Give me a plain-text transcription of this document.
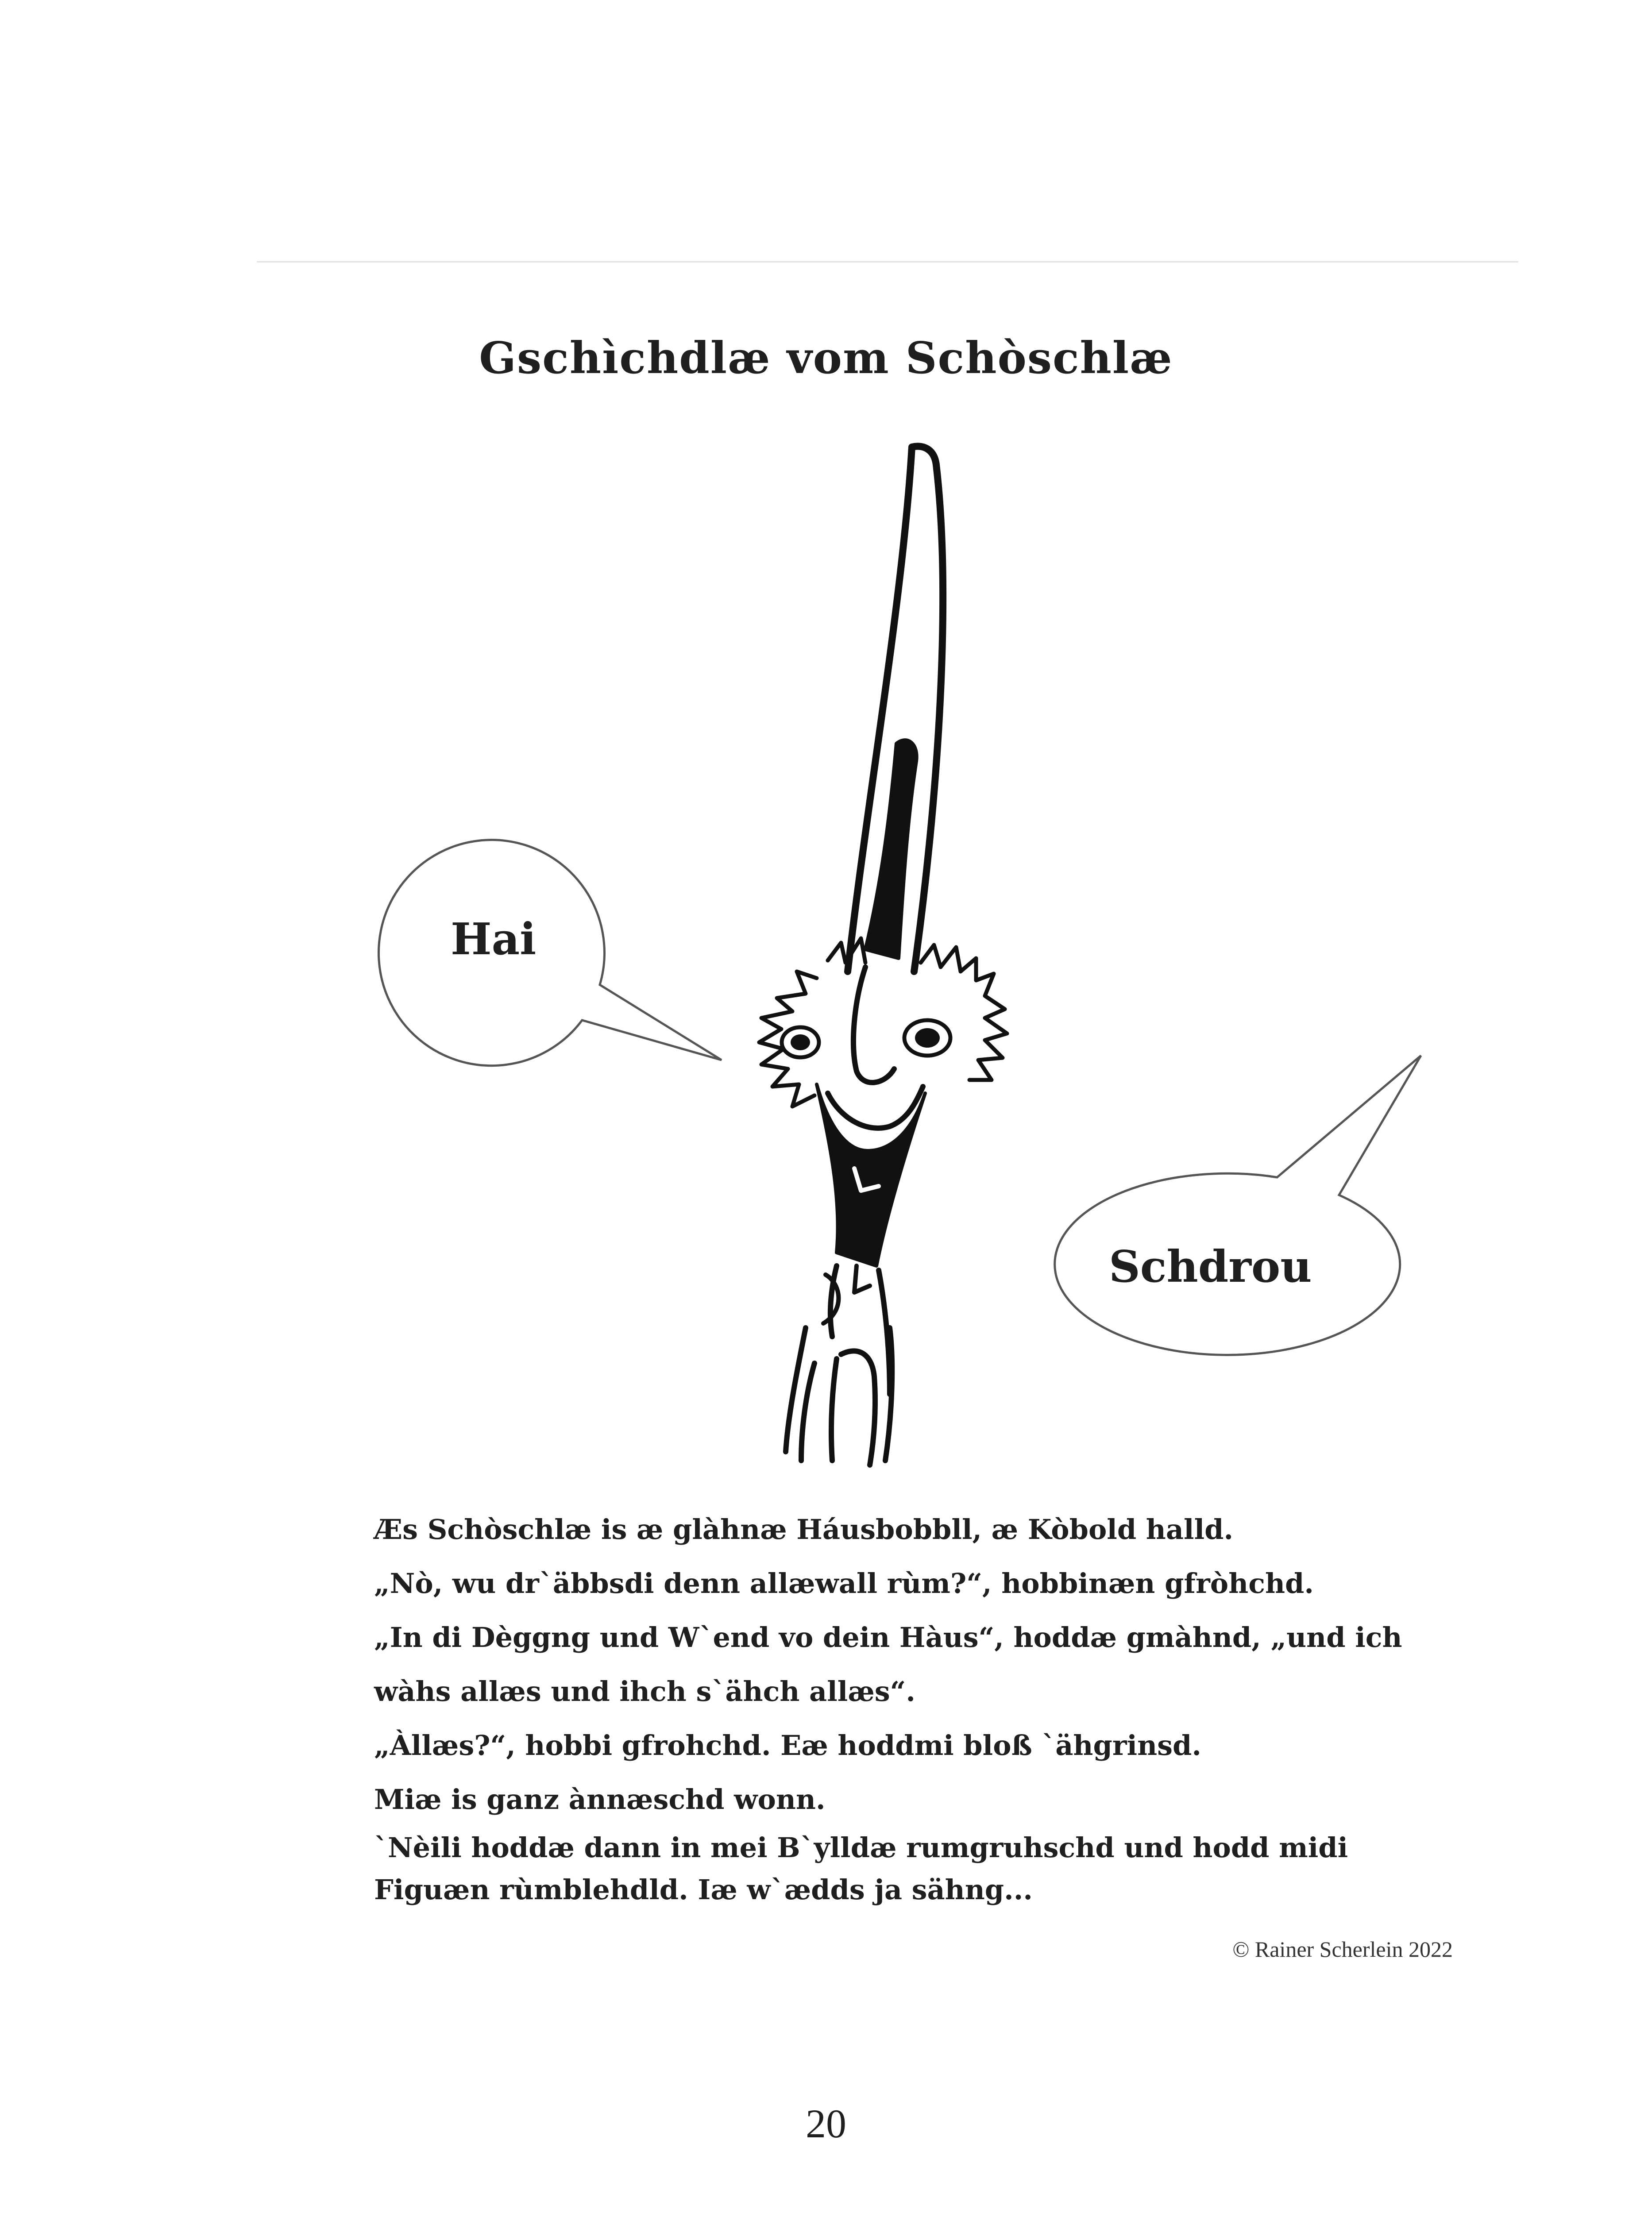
Gschìchdlæ vom Schòschlæ
Hai
Schdrou

Æs Schòschlæ is æ glàhnæ Háusbobbll, æ Kòbold halld.

„Nò, wu dr`äbbsdi denn allæwall rùm?“, hobbinæn gfròhchd.

„In di Dèggng und W`end vo dein Hàus“, hoddæ gmàhnd, „und ich

wàhs allæs und ihch s`ähch allæs“.

„Àllæs?“, hobbi gfrohchd. Eæ hoddmi bloß `ähgrinsd.

Miæ is ganz ànnæschd wonn.

`Nèili hoddæ dann in mei B`ylldæ rumgruhschd und hodd midi

Figuæn rùmblehdld. Iæ w`ædds ja sähng...

© Rainer Scherlein 2022
20
